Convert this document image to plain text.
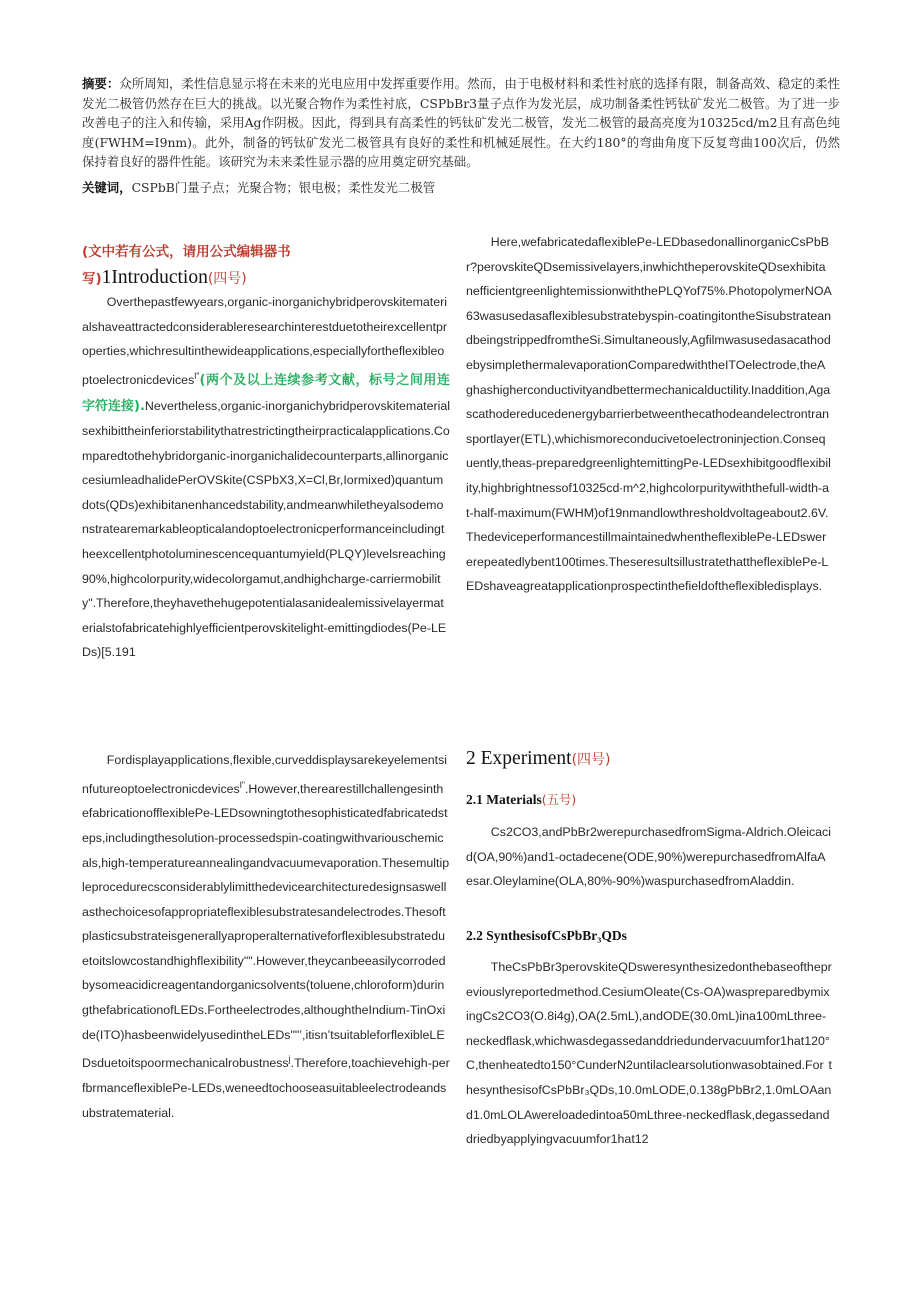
摘要：众所周知，柔性信息显示将在未来的光电应用中发挥重要作用。然而，由于电极材料和柔性衬底的选择有限，制备高效、稳定的柔性发光二极管仍然存在巨大的挑战。以光聚合物作为柔性衬底，CSPbBr3量子点作为发光层，成功制备柔性钙钛矿发光二极管。为了进一步改善电子的注入和传输，采用Ag作阴极。因此，得到具有高柔性的钙钛矿发光二极管，发光二极管的最高亮度为10325cd∕m2且有高色纯度(FWHM=I9nm)。此外，制备的钙钛矿发光二极管具有良好的柔性和机械延展性。在大约180°的弯曲角度下反复弯曲100次后，仍然保持着良好的器件性能。该研究为未来柔性显示器的应用奠定研究基础。
关键词，CSPbB门量子点；光聚合物；银电极；柔性发光二极管
(文中若有公式，请用公式编辑器书写)1Introduction(四号)

Overthepastfewyears,organic-inorganichybridperovskitematerialshaveattractedconsiderableresearchinterestduetotheirexcellentproperties,whichresultinthewideapplications,especiallyfortheflexibleoptoelectronicdevices$^{l"}$(两个及以上连续参考文献，标号之间用连字符连接).Nevertheless,organic-inorganichybridperovskitematerialsexhibittheinferiorstabilitythatrestrictingtheirpracticalapplications.Comparedtothehybridorganic-inorganichalidecounterparts,allinorganiccesiumleadhalidePerOVSkite(CSPbX3,X=Cl,Br,Iormixed)quantumdots(QDs)exhibitanenhancedstability,andmeanwhiletheyalsodemonstratearemarkableopticalandoptoelectronicperformanceincludingtheexcellentphotoluminescencequantumyield(PLQY)levelsreaching90%,highcolorpurity,widecolorgamut,andhighcharge-carriermobility".Therefore,theyhavethehugepotentialasanidealemissivelayermaterialstofabricatehighlyefficientperovskitelight-emittingdiodes(Pe-LEDs)[5.191

Fordisplayapplications,flexible,curveddisplaysarekeyelementsinfutureoptoelectronicdevices$^{l"}$.However,therearestillchallengesinthefabricationofflexiblePe-LEDsowningtothesophisticatedfabricatedsteps,includingthesolution-processedspin-coatingwithvariouschemicals,high-temperatureannealingandvacuumevaporation.Thesemultipleprocedurесsconsiderablylimitthedevicearchitecturedesignsaswellasthechoicesofappropriateflexiblesubstratesandelectrodes.Thesoftplasticsubstrateisgenerallyaproperalternativeforflexiblesubstrateduetoitslowcostandhighflexibility"".However,theycanbeeasilycorrodedbysomeacidicreagentandorganicsolvents(toluene,chloroform)duringthefabricationofLEDs.Fortheelectrodes,althoughtheIndium-TinOxide(ITO)hasbeenwidelyusedintheLEDs""’,itisn’tsuitableforflexibleLEDsduetoitspoormechanicalrobustness$^j$.Therefore,toachievehigh-perfbrmanceflexiblePe-LEDs,weneedtochooseasuitableelectrodeandsubstratematerial.

Here,wefabricatedaflexiblePe-LEDbasedonallinorganicCsPbBr?perovskiteQDsemissivelayers,inwhichtheperovskiteQDsexhibitanefficientgreenlightemissionwiththePLQYof75%.PhotopolymerNOA63wasusedasaflexiblesubstratebyspin-coatingitontheSisubstrateandbeingstrippedfromtheSi.Simultaneously,AgfilmwasusedasacathodebysimplethermalevaporationComparedwiththeITOelectrode,theAghashigherconductivityandbettermechanicalductility.Inaddition,Agascathodereducedenergybarrierbetweenthecathodeandelectrontransportlayer(ETL),whichismoreconducivetoelectroninjection.Consequently,theas-preparedgreenlightemittingPe-LEDsexhibitgoodflexibility,highbrightnessof10325cd∙m^2,highcolorpuritywiththefull-width-at-half-maximum(FWHM)of19nmandlowthresholdvoltageabout2.6V.ThedeviceperformancestillmaintainedwhentheflexiblePe-LEDswererepeatedlybent100times.TheseresultsillustratethattheflexiblePe-LEDshaveagreatapplicationprospectinthefieldoftheflexibledisplays.

2 Experiment(四号)
2.1 Materials(五号)

Cs2CO3,andPbBr2werepurchasedfromSigma-Aldrich.Oleicacid(OA,90%)and1-octadecene(ODE,90%)werepurchasedfromAlfaAesar.Oleylamine(OLA,80%-90%)waspurchasedfromAladdin.

2.2 SynthesisofCsPbBr₃QDs

TheCsPbBr3perovskiteQDsweresynthesizedonthebaseofthepreviouslyreportedmethod.CesiumOleate(Cs-OA)waspreparedbymixingCs2CO3(O.8i4g),OA(2.5mL),andODE(30.0mL)ina100mLthree-neckedflask,whichwasdegassedanddriedundervacuumfor1hat120°C,thenheatedto150°CunderN2untilaclearsolutionwasobtained.For thesynthesisofCsPbBr₃QDs,10.0mLODE,0.138gPbBr2,1.0mLOAand1.0mLOLAwereloadedintoa50mLthree-neckedflask,degassedanddriedbyapplyingvacuumfor1hat12
